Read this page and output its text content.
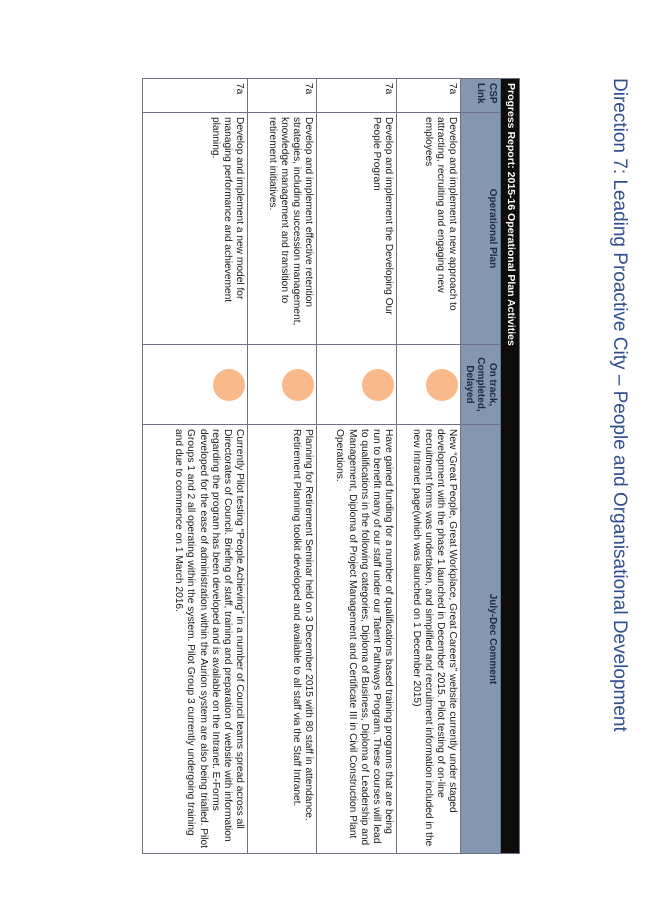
Direction 7: Leading Proactive City – People and Organisational Development
Progress Report: 2015-16 Operational Plan Activities			
CSP Link	Operational Plan	On track, Completed, Delayed	July-Dec Comment
7a	Develop and implement a new approach to attracting, recruiting and engaging new employees		New “Great People, Great Workplace, Great Careers” website currently under staged development with the phase 1 launched in December 2015. Pilot testing of on-line recruitment forms was undertaken, and simplified and recruitment information included in the new Intranet page(which was launched on 1 December 2015)
7a	Develop and implement the Developing Our People Program		Have gained funding for a number of qualifications based training programs that are being run to benefit many of our staff under our Talent Pathways Program. These courses will lead to qualifications in the following categories, Diploma of Business, Diploma of Leadership and Management, Diploma of Project Management and Certificate III in Civil Construction Plant Operations.
7a	Develop and implement effective retention strategies, including succession management, knowledge management and transition to retirement initiatives.		Planning for Retirement Seminar held on 3 December 2015 with 80 staff in attendance. Retirement Planning toolkit developed and available to all staff via the Staff Intranet.
7a	Develop and implement a new model for managing performance and achievement planning.		Currently Pilot testing “People Achieving” in a number of Council teams spread across all Directorates of Council. Briefing of staff, training and preparation of website with information regarding the program has been developed and is available on the Intranet. E-Forms developed for the ease of administration within the Aurion system are also being trialled. Pilot Groups 1 and 2 all operating within the system. Pilot Group 3 currently undergoing training and due to commence on 1 March 2016.
